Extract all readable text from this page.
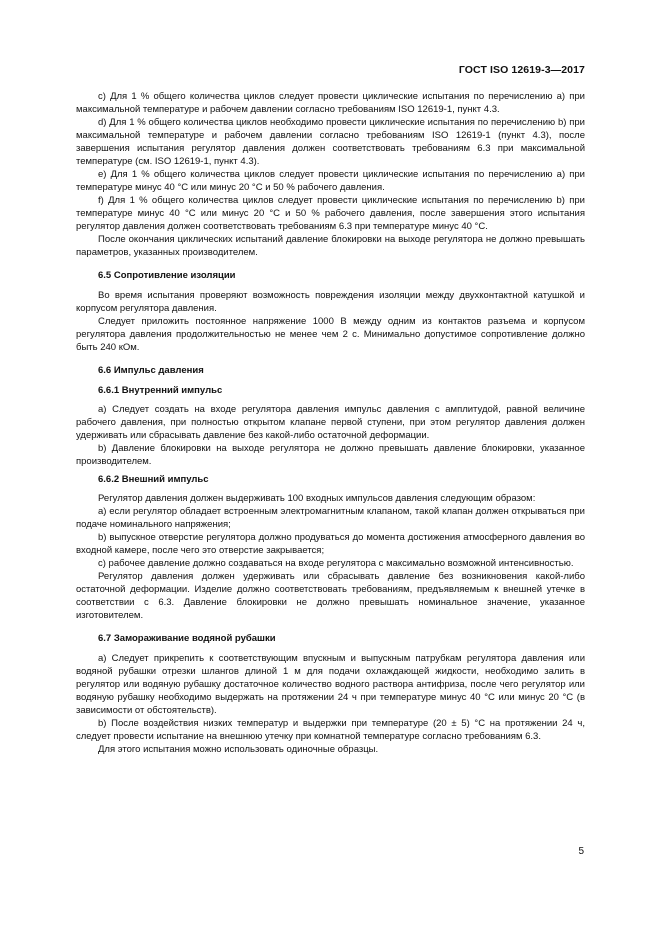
ГОСТ ISO 12619-3—2017

с) Для 1 % общего количества циклов следует провести циклические испытания по перечислению а) при максимальной температуре и рабочем давлении согласно требованиям ISO 12619-1, пункт 4.3.

d) Для 1 % общего количества циклов необходимо провести циклические испытания по перечислению b) при максимальной температуре и рабочем давлении согласно требованиям ISO 12619-1 (пункт 4.3), после завершения испытания регулятор давления должен соответствовать требованиям 6.3 при максимальной температуре (см. ISO 12619-1, пункт 4.3).

е) Для 1 % общего количества циклов следует провести циклические испытания по перечислению а) при температуре минус 40 °С или минус 20 °С и 50 % рабочего давления.

f) Для 1 % общего количества циклов следует провести циклические испытания по перечислению b) при температуре минус 40 °С или минус 20 °С и 50 % рабочего давления, после завершения этого испытания регулятор давления должен соответствовать требованиям 6.3 при температуре минус 40 °С.

После окончания циклических испытаний давление блокировки на выходе регулятора не должно превышать параметров, указанных производителем.

6.5 Сопротивление изоляции

Во время испытания проверяют возможность повреждения изоляции между двухконтактной катушкой и корпусом регулятора давления.

Следует приложить постоянное напряжение 1000 В между одним из контактов разъема и корпусом регулятора давления продолжительностью не менее чем 2 с. Минимально допустимое сопротивление должно быть 240 кОм.

6.6 Импульс давления
6.6.1 Внутренний импульс

а) Следует создать на входе регулятора давления импульс давления с амплитудой, равной величине рабочего давления, при полностью открытом клапане первой ступени, при этом регулятор давления должен удерживать или сбрасывать давление без какой-либо остаточной деформации.

b) Давление блокировки на выходе регулятора не должно превышать давление блокировки, указанное производителем.

6.6.2 Внешний импульс

Регулятор давления должен выдерживать 100 входных импульсов давления следующим образом:

а) если регулятор обладает встроенным электромагнитным клапаном, такой клапан должен открываться при подаче номинального напряжения;

b) выпускное отверстие регулятора должно продуваться до момента достижения атмосферного давления во входной камере, после чего это отверстие закрывается;

с) рабочее давление должно создаваться на входе регулятора с максимально возможной интенсивностью.

Регулятор давления должен удерживать или сбрасывать давление без возникновения какой-либо остаточной деформации. Изделие должно соответствовать требованиям, предъявляемым к внешней утечке в соответствии с 6.3. Давление блокировки не должно превышать номинальное значение, указанное изготовителем.

6.7 Замораживание водяной рубашки

а) Следует прикрепить к соответствующим впускным и выпускным патрубкам регулятора давления или водяной рубашки отрезки шлангов длиной 1 м для подачи охлаждающей жидкости, необходимо залить в регулятор или водяную рубашку достаточное количество водного раствора антифриза, после чего регулятор или водяную рубашку необходимо выдержать на протяжении 24 ч при температуре минус 40 °С или минус 20 °С (в зависимости от обстоятельств).

b) После воздействия низких температур и выдержки при температуре (20 ± 5) °С на протяжении 24 ч, следует провести испытание на внешнюю утечку при комнатной температуре согласно требованиям 6.3.

Для этого испытания можно использовать одиночные образцы.

5
